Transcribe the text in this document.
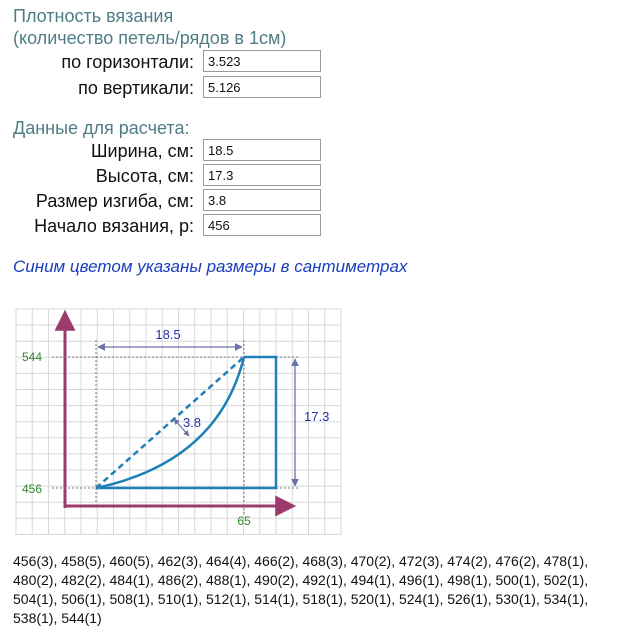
Плотность вязания
(количество петель/рядов в 1см)
по горизонтали:
3.523
по вертикали:
5.126
Данные для расчета:
Ширина, см:
18.5
Высота, см:
17.3
Размер изгиба, см:
3.8
Начало вязания, р:
456
Синим цветом указаны размеры в сантиметрах
18.5
17.3
3.8
544
456
65
456(3), 458(5), 460(5), 462(3), 464(4), 466(2), 468(3), 470(2), 472(3), 474(2), 476(2), 478(1), 480(2), 482(2), 484(1), 486(2), 488(1), 490(2), 492(1), 494(1), 496(1), 498(1), 500(1), 502(1), 504(1), 506(1), 508(1), 510(1), 512(1), 514(1), 518(1), 520(1), 524(1), 526(1), 530(1), 534(1), 538(1), 544(1)
